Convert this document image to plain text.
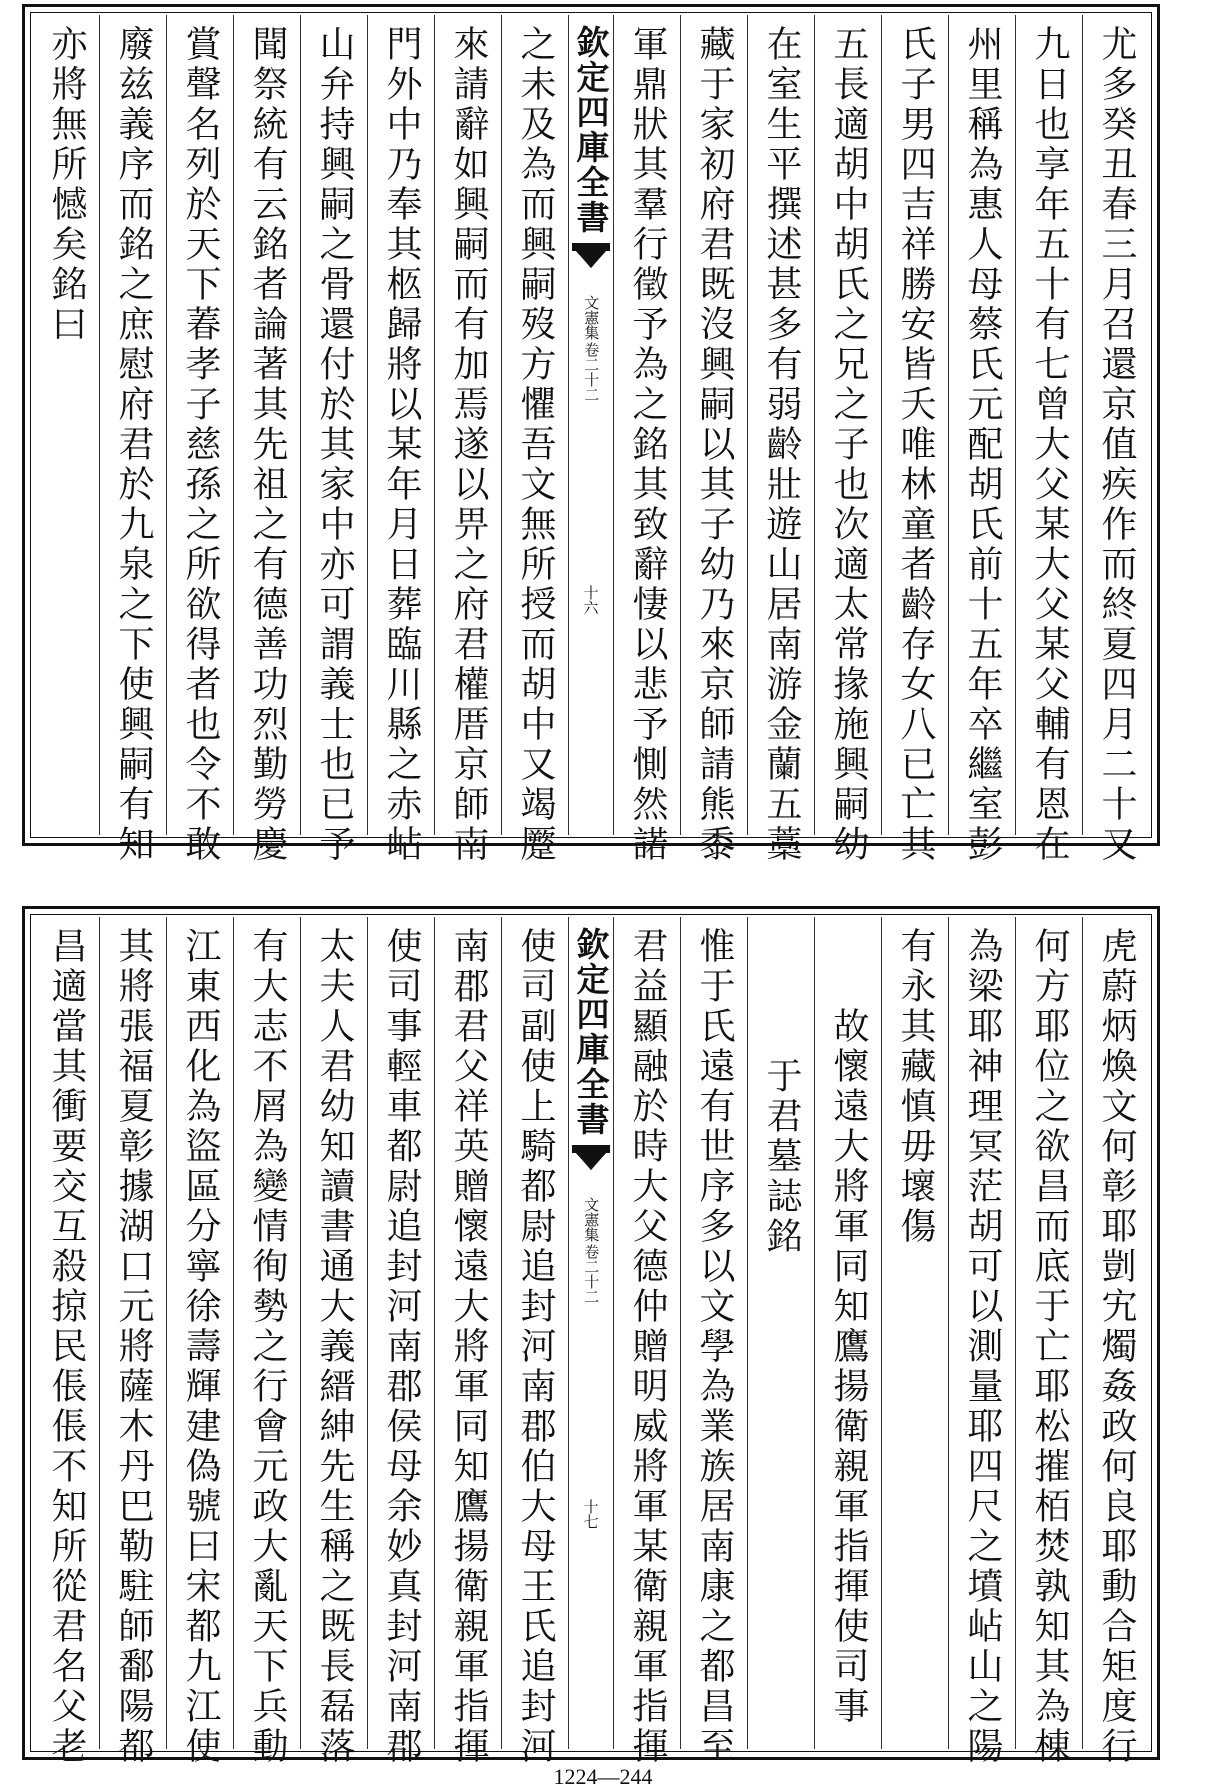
尤多癸丑春三月召還京值疾作而終夏四月二十又
九日也享年五十有七曾大父某大父某父輔有恩在
州里稱為惠人母蔡氏元配胡氏前十五年卒繼室彭
氏子男四吉祥勝安皆夭唯林童者齡存女八已亡其
五長適胡中胡氏之兄之子也次適太常掾施興嗣幼
在室生平撰述甚多有弱齡壯遊山居南游金蘭五藁
藏于家初府君既沒興嗣以其子幼乃來京師請熊黍
軍鼎狀其羣行徵予為之銘其致辭悽以悲予惻然諾
欽定四庫全書
文憲集
卷二十二
十六
之未及為而興嗣歿方懼吾文無所授而胡中又竭蹷
來請辭如興嗣而有加焉遂以畀之府君權厝京師南
門外中乃奉其柩歸將以某年月日葬臨川縣之赤岾
山弁持興嗣之骨還付於其家中亦可謂義士也已予
聞祭統有云銘者論著其先祖之有德善功烈勤勞慶
賞聲名列於天下萶孝子慈孫之所欲得者也令不敢
廢兹義序而銘之庶慰府君於九泉之下使興嗣有知
亦將無所憾矣銘曰
虎蔚炳煥文何彰耶剴宄燭姦政何良耶動合矩度行
何方耶位之欲昌而底于亡耶松摧栢焚孰知其為棟
為梁耶神理冥茫胡可以測量耶四尺之墳岾山之陽
有永其藏慎毋壞傷
故懷遠大將軍同知鷹揚衛親軍指揮使司事
于君墓誌銘
惟于氏遠有世序多以文學為業族居南康之都昌至
君益顯融於時大父德仲贈明威將軍某衛親軍指揮
欽定四庫全書
文憲集
卷二十二
十七
使司副使上騎都尉追封河南郡伯大母王氏追封河
南郡君父祥英贈懷遠大將軍同知鷹揚衛親軍指揮
使司事輕車都尉追封河南郡侯母余妙真封河南郡
太夫人君幼知讀書通大義縉紳先生稱之既長磊落
有大志不屑為變情徇勢之行會元政大亂天下兵動
江東西化為盜區分寧徐壽輝建偽號曰宋都九江使
其將張福夏彰據湖口元將薩木丹巴勒駐師鄱陽都
昌適當其衝要交互殺掠民倀倀不知所從君名父老
1224—244
